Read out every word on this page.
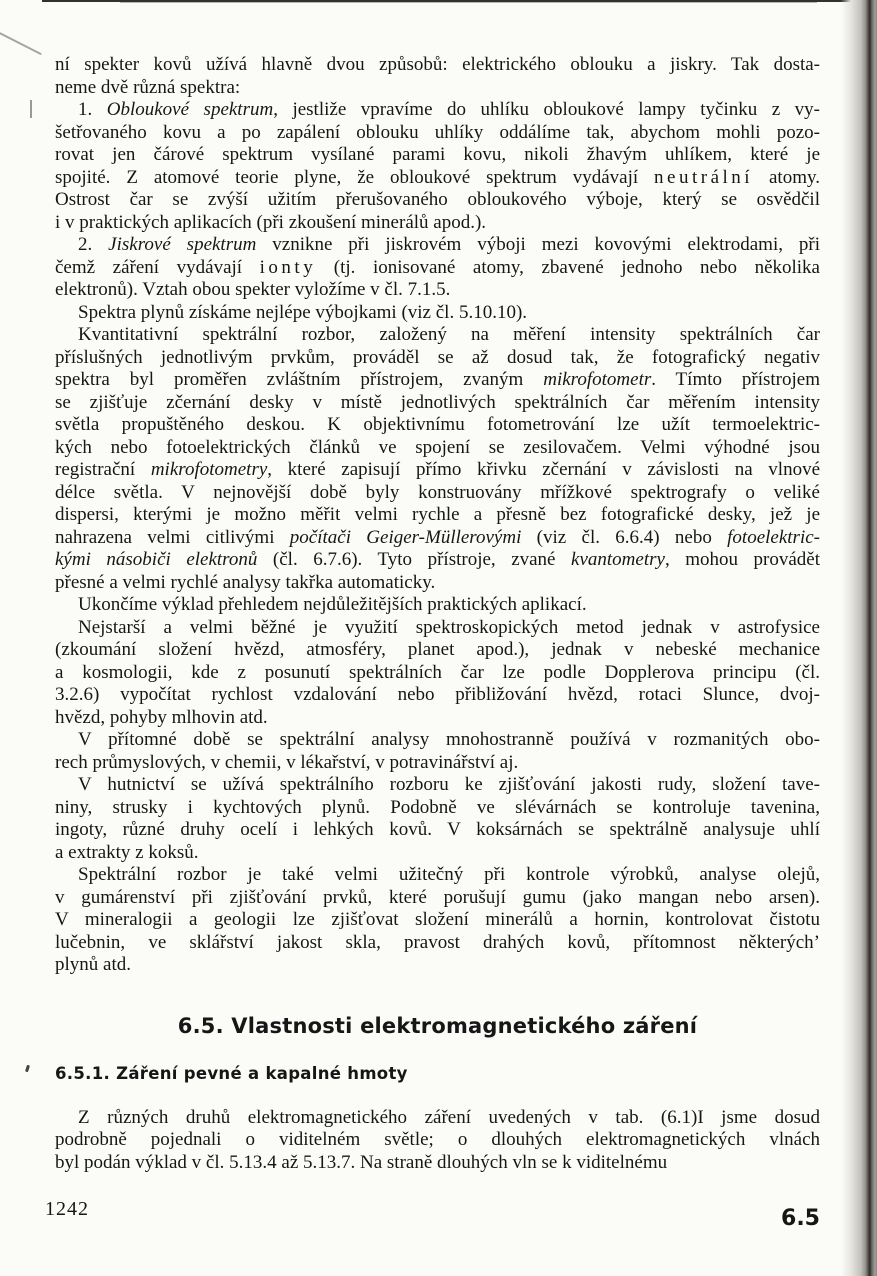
ní spekter kovů užívá hlavně dvou způsobů: elektrického oblouku a jiskry. Tak dosta-
neme dvě různá spektra:
1. Obloukové spektrum, jestliže vpravíme do uhlíku obloukové lampy tyčinku z vy-
šetřovaného kovu a po zapálení oblouku uhlíky oddálíme tak, abychom mohli pozo-
rovat jen čárové spektrum vysílané parami kovu, nikoli žhavým uhlíkem, které je
spojité. Z atomové teorie plyne, že obloukové spektrum vydávají neutrální atomy.
Ostrost čar se zvýší užitím přerušovaného obloukového výboje, který se osvědčil
i v praktických aplikacích (při zkoušení minerálů apod.).
2. Jiskrové spektrum vznikne při jiskrovém výboji mezi kovovými elektrodami, při
čemž záření vydávají ionty (tj. ionisované atomy, zbavené jednoho nebo několika
elektronů). Vztah obou spekter vyložíme v čl. 7.1.5.
Spektra plynů získáme nejlépe výbojkami (viz čl. 5.10.10).
Kvantitativní spektrální rozbor, založený na měření intensity spektrálních čar
příslušných jednotlivým prvkům, prováděl se až dosud tak, že fotografický negativ
spektra byl proměřen zvláštním přístrojem, zvaným mikrofotometr. Tímto přístrojem
se zjišťuje zčernání desky v místě jednotlivých spektrálních čar měřením intensity
světla propuštěného deskou. K objektivnímu fotometrování lze užít termoelektric-
kých nebo fotoelektrických článků ve spojení se zesilovačem. Velmi výhodné jsou
registrační mikrofotometry, které zapisují přímo křivku zčernání v závislosti na vlnové
délce světla. V nejnovější době byly konstruovány mřížkové spektrografy o veliké
dispersi, kterými je možno měřit velmi rychle a přesně bez fotografické desky, jež je
nahrazena velmi citlivými počítači Geiger-Müllerovými (viz čl. 6.6.4) nebo fotoelektric-
kými násobiči elektronů (čl. 6.7.6). Tyto přístroje, zvané kvantometry, mohou provádět
přesné a velmi rychlé analysy takřka automaticky.
Ukončíme výklad přehledem nejdůležitějších praktických aplikací.
Nejstarší a velmi běžné je využití spektroskopických metod jednak v astrofysice
(zkoumání složení hvězd, atmosféry, planet apod.), jednak v nebeské mechanice
a kosmologii, kde z posunutí spektrálních čar lze podle Dopplerova principu (čl.
3.2.6) vypočítat rychlost vzdalování nebo přibližování hvězd, rotaci Slunce, dvoj-
hvězd, pohyby mlhovin atd.
V přítomné době se spektrální analysy mnohostranně používá v rozmanitých obo-
rech průmyslových, v chemii, v lékařství, v potravinářství aj.
V hutnictví se užívá spektrálního rozboru ke zjišťování jakosti rudy, složení tave-
niny, strusky i kychtových plynů. Podobně ve slévárnách se kontroluje tavenina,
ingoty, různé druhy ocelí i lehkých kovů. V koksárnách se spektrálně analysuje uhlí
a extrakty z koksů.
Spektrální rozbor je také velmi užitečný při kontrole výrobků, analyse olejů,
v gumárenství při zjišťování prvků, které porušují gumu (jako mangan nebo arsen).
V mineralogii a geologii lze zjišťovat složení minerálů a hornin, kontrolovat čistotu
lučebnin, ve sklářství jakost skla, pravost drahých kovů, přítomnost některých’
plynů atd.
6.5. Vlastnosti elektromagnetického záření
6.5.1. Záření pevné a kapalné hmoty
Z různých druhů elektromagnetického záření uvedených v tab. (6.1)I jsme dosud
podrobně pojednali o viditelném světle; o dlouhých elektromagnetických vlnách
byl podán výklad v čl. 5.13.4 až 5.13.7. Na straně dlouhých vln se k viditelnému
1242	6.5
